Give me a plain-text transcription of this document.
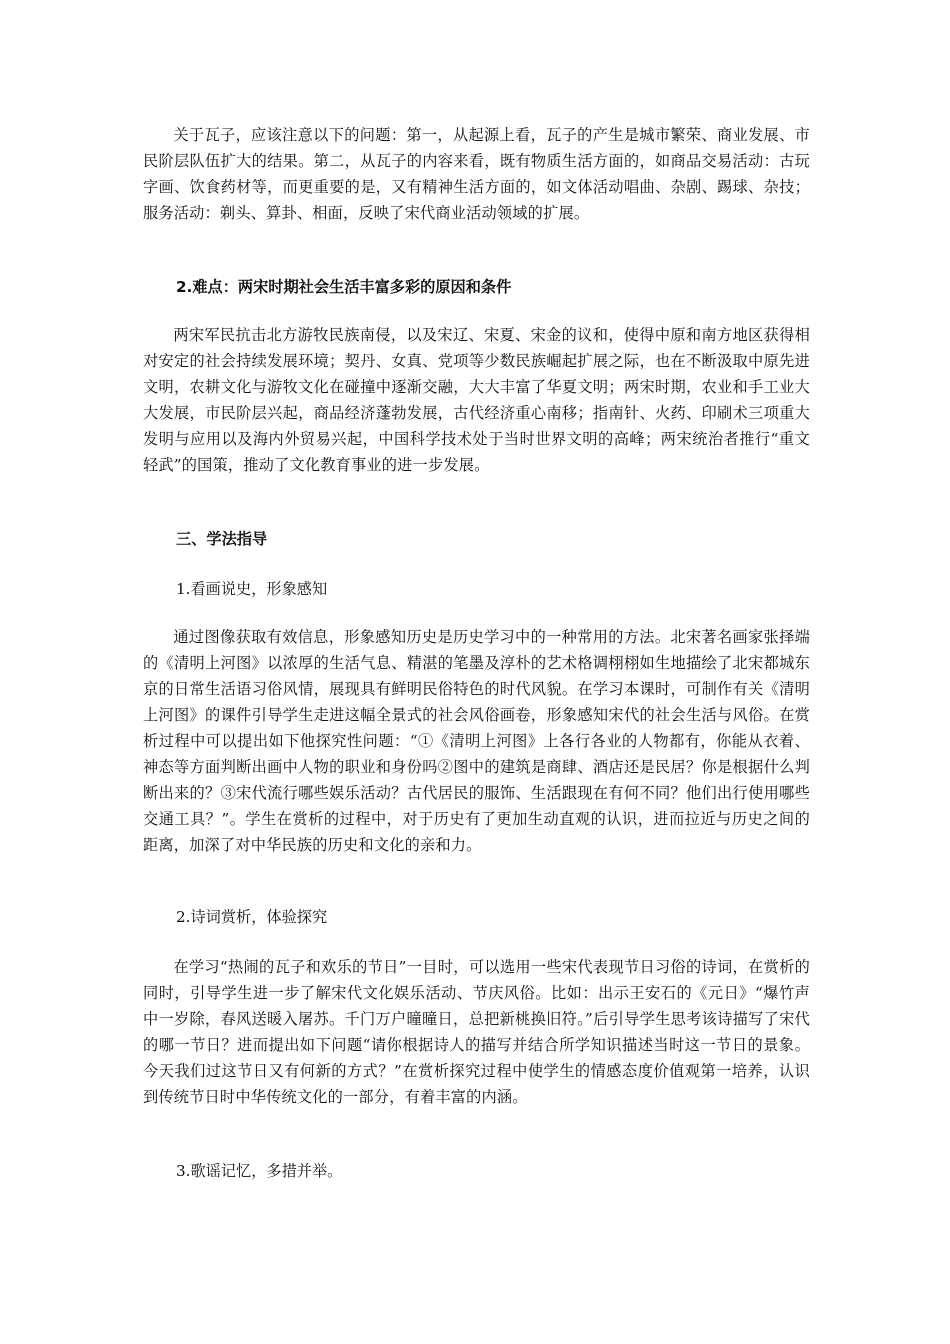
关于瓦子，应该注意以下的问题：第一，从起源上看，瓦子的产生是城市繁荣、商业发展、市民阶层队伍扩大的结果。第二，从瓦子的内容来看，既有物质生活方面的，如商品交易活动：古玩字画、饮食药材等，而更重要的是，又有精神生活方面的，如文体活动唱曲、杂剧、踢球、杂技；服务活动：剃头、算卦、相面，反映了宋代商业活动领域的扩展。

2.难点：两宋时期社会生活丰富多彩的原因和条件

两宋军民抗击北方游牧民族南侵，以及宋辽、宋夏、宋金的议和，使得中原和南方地区获得相对安定的社会持续发展环境；契丹、女真、党项等少数民族崛起扩展之际，也在不断汲取中原先进文明，农耕文化与游牧文化在碰撞中逐渐交融，大大丰富了华夏文明；两宋时期，农业和手工业大大发展，市民阶层兴起，商品经济蓬勃发展，古代经济重心南移；指南针、火药、印刷术三项重大发明与应用以及海内外贸易兴起，中国科学技术处于当时世界文明的高峰；两宋统治者推行“重文轻武”的国策，推动了文化教育事业的进一步发展。

三、学法指导

1.看画说史，形象感知

通过图像获取有效信息，形象感知历史是历史学习中的一种常用的方法。北宋著名画家张择端的《清明上河图》以浓厚的生活气息、精湛的笔墨及淳朴的艺术格调栩栩如生地描绘了北宋都城东京的日常生活语习俗风情，展现具有鲜明民俗特色的时代风貌。在学习本课时，可制作有关《清明上河图》的课件引导学生走进这幅全景式的社会风俗画卷，形象感知宋代的社会生活与风俗。在赏析过程中可以提出如下他探究性问题：“①《清明上河图》上各行各业的人物都有，你能从衣着、神态等方面判断出画中人物的职业和身份吗②图中的建筑是商肆、酒店还是民居？你是根据什么判断出来的？③宋代流行哪些娱乐活动？古代居民的服饰、生活跟现在有何不同？他们出行使用哪些交通工具？”。学生在赏析的过程中，对于历史有了更加生动直观的认识，进而拉近与历史之间的距离，加深了对中华民族的历史和文化的亲和力。

2.诗词赏析，体验探究

在学习“热闹的瓦子和欢乐的节日”一目时，可以选用一些宋代表现节日习俗的诗词，在赏析的同时，引导学生进一步了解宋代文化娱乐活动、节庆风俗。比如：出示王安石的《元日》“爆竹声中一岁除，春风送暖入屠苏。千门万户曈曈日，总把新桃换旧符。”后引导学生思考该诗描写了宋代的哪一节日？进而提出如下问题“请你根据诗人的描写并结合所学知识描述当时这一节日的景象。今天我们过这节日又有何新的方式？”在赏析探究过程中使学生的情感态度价值观第一培养，认识到传统节日时中华传统文化的一部分，有着丰富的内涵。

3.歌谣记忆，多措并举。
